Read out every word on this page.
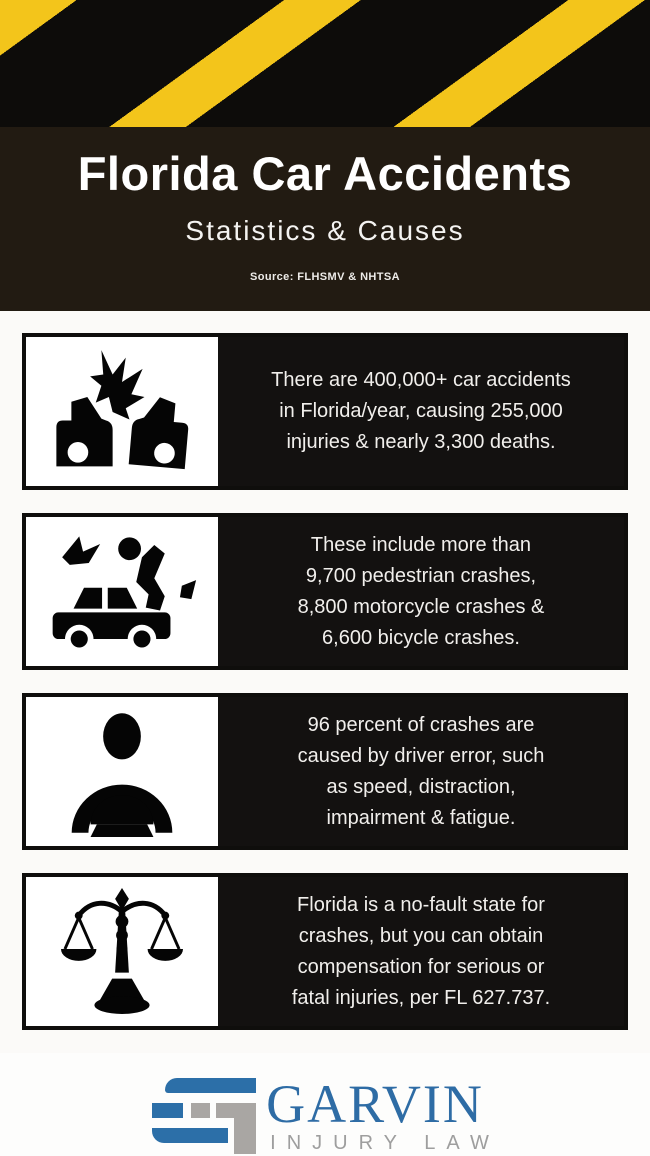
Florida Car Accidents
Statistics & Causes
Source: FLHSMV & NHTSA
There are 400,000+ car accidents
in Florida/year, causing 255,000
injuries & nearly 3,300 deaths.
These include more than
9,700 pedestrian crashes,
8,800 motorcycle crashes &
6,600 bicycle crashes.
96 percent of crashes are
caused by driver error, such
as speed, distraction,
impairment & fatigue.
Florida is a no-fault state for
crashes, but you can obtain
compensation for serious or
fatal injuries, per FL 627.737.
GARVIN
INJURY LAW
